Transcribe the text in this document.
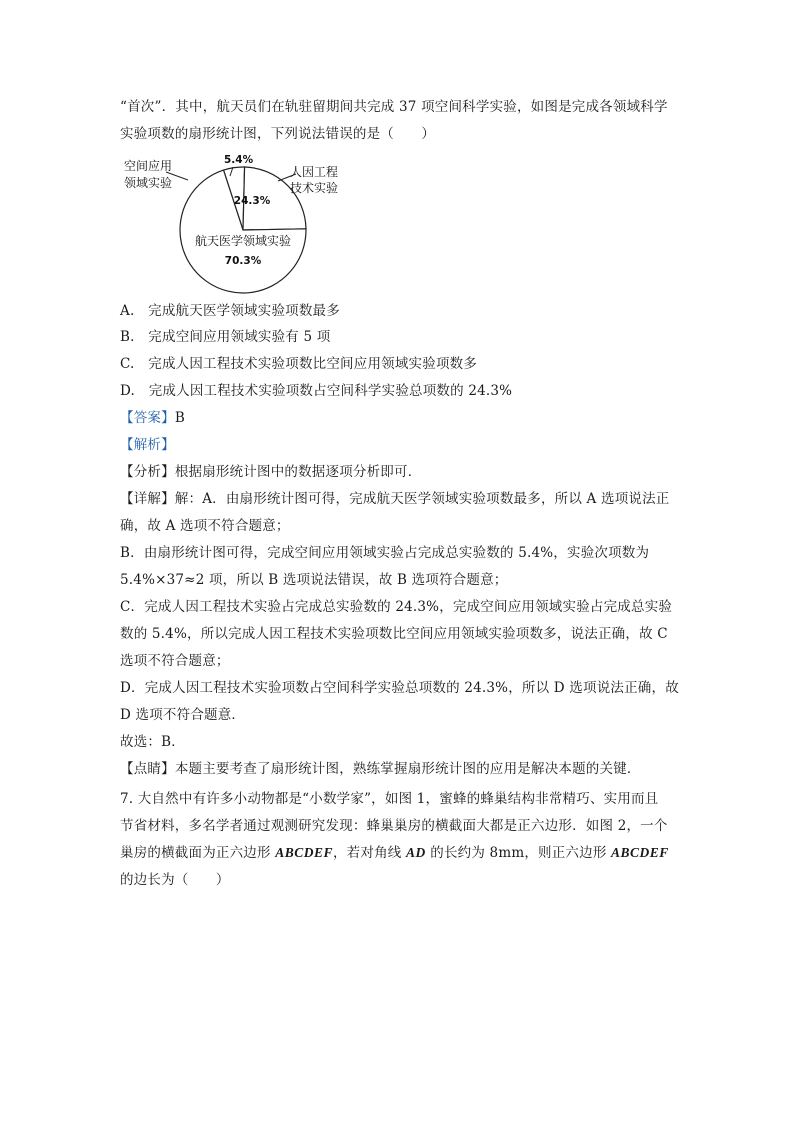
“首次”．其中，航天员们在轨驻留期间共完成 37 项空间科学实验，如图是完成各领域科学
实验项数的扇形统计图，下列说法错误的是（　　）
空间应用
领域实验
5.4%
人因工程
技术实验
24.3%
航天医学领域实验
70.3%
A.　完成航天医学领域实验项数最多
B.　完成空间应用领域实验有 5 项
C.　完成人因工程技术实验项数比空间应用领域实验项数多
D.　完成人因工程技术实验项数占空间科学实验总项数的 24.3%
【答案】B
【解析】
【分析】根据扇形统计图中的数据逐项分析即可．
【详解】解：A．由扇形统计图可得，完成航天医学领域实验项数最多，所以 A 选项说法正
确，故 A 选项不符合题意；
B．由扇形统计图可得，完成空间应用领域实验占完成总实验数的 5.4%，实验次项数为
5.4%×37≈2 项，所以 B 选项说法错误，故 B 选项符合题意；
C．完成人因工程技术实验占完成总实验数的 24.3%，完成空间应用领域实验占完成总实验
数的 5.4%，所以完成人因工程技术实验项数比空间应用领域实验项数多，说法正确，故 C
选项不符合题意；
D．完成人因工程技术实验项数占空间科学实验总项数的 24.3%，所以 D 选项说法正确，故
D 选项不符合题意．
故选：B．
【点睛】本题主要考查了扇形统计图，熟练掌握扇形统计图的应用是解决本题的关键．
7. 大自然中有许多小动物都是“小数学家”，如图 1，蜜蜂的蜂巢结构非常精巧、实用而且
节省材料，多名学者通过观测研究发现：蜂巢巢房的横截面大都是正六边形．如图 2，一个
巢房的横截面为正六边形 ABCDEF，若对角线 AD 的长约为 8mm，则正六边形 ABCDEF
的边长为（　　）
